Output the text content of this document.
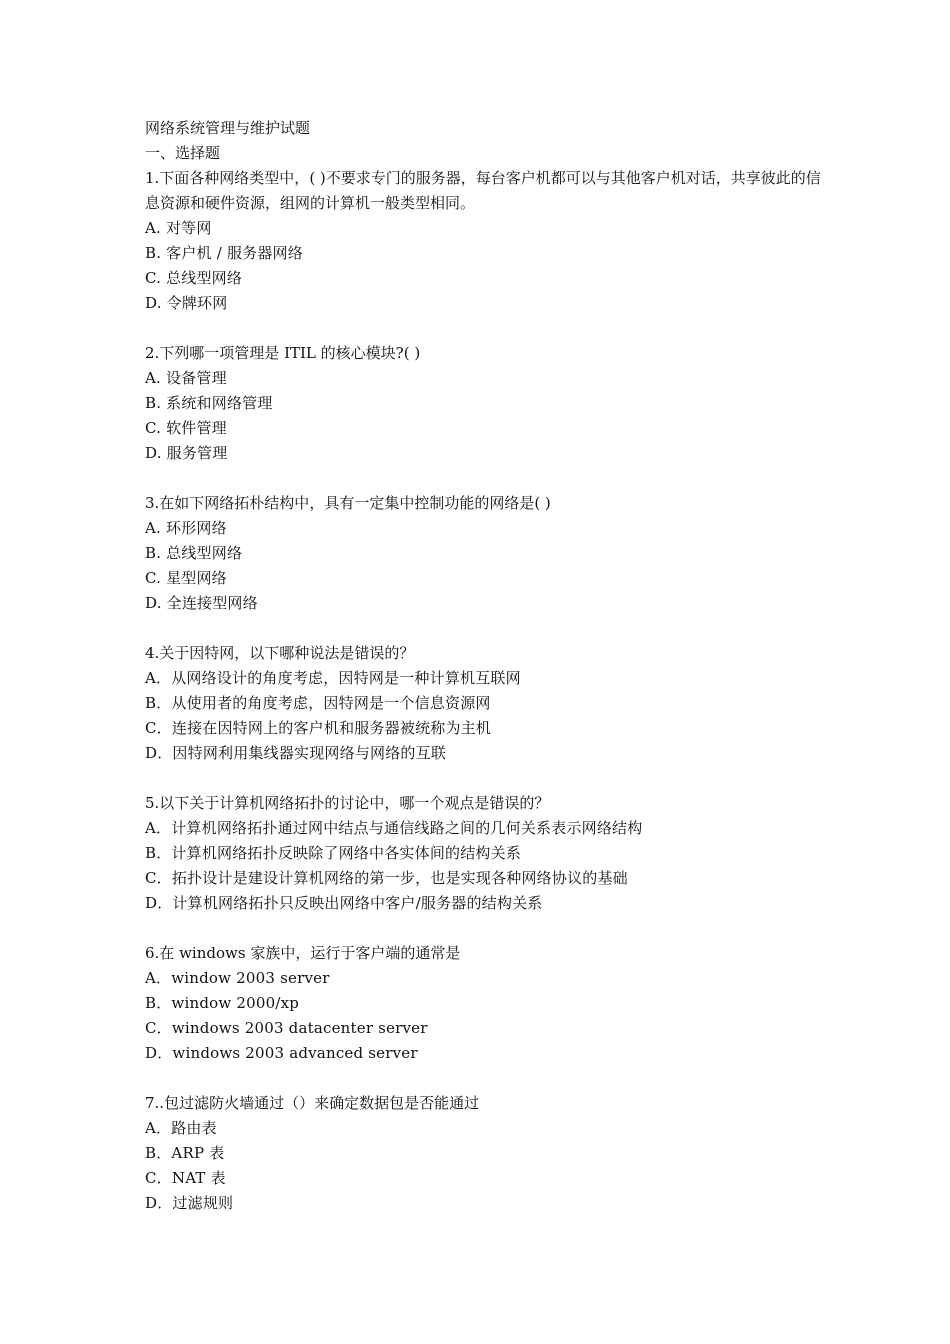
网络系统管理与维护试题
一、选择题
1.下面各种网络类型中，( )不要求专门的服务器，每台客户机都可以与其他客户机对话，共享彼此的信息资源和硬件资源，组网的计算机一般类型相同。
A. 对等网
B. 客户机 / 服务器网络
C. 总线型网络
D. 令牌环网
2.下列哪一项管理是 ITIL 的核心模块?( )
A. 设备管理
B. 系统和网络管理
C. 软件管理
D. 服务管理
3.在如下网络拓朴结构中，具有一定集中控制功能的网络是( )
A. 环形网络
B. 总线型网络
C. 星型网络
D. 全连接型网络
4.关于因特网，以下哪种说法是错误的？
A．从网络设计的角度考虑，因特网是一种计算机互联网
B．从使用者的角度考虑，因特网是一个信息资源网
C．连接在因特网上的客户机和服务器被统称为主机
D．因特网利用集线器实现网络与网络的互联
5.以下关于计算机网络拓扑的讨论中，哪一个观点是错误的？
A．计算机网络拓扑通过网中结点与通信线路之间的几何关系表示网络结构
B．计算机网络拓扑反映除了网络中各实体间的结构关系
C．拓扑设计是建设计算机网络的第一步，也是实现各种网络协议的基础
D．计算机网络拓扑只反映出网络中客户/服务器的结构关系
6.在 windows 家族中，运行于客户端的通常是
A．window 2003 server
B．window 2000/xp
C．windows 2003 datacenter server
D．windows 2003 advanced server
7..包过滤防火墙通过（）来确定数据包是否能通过
A．路由表
B．ARP 表
C．NAT 表
D．过滤规则
